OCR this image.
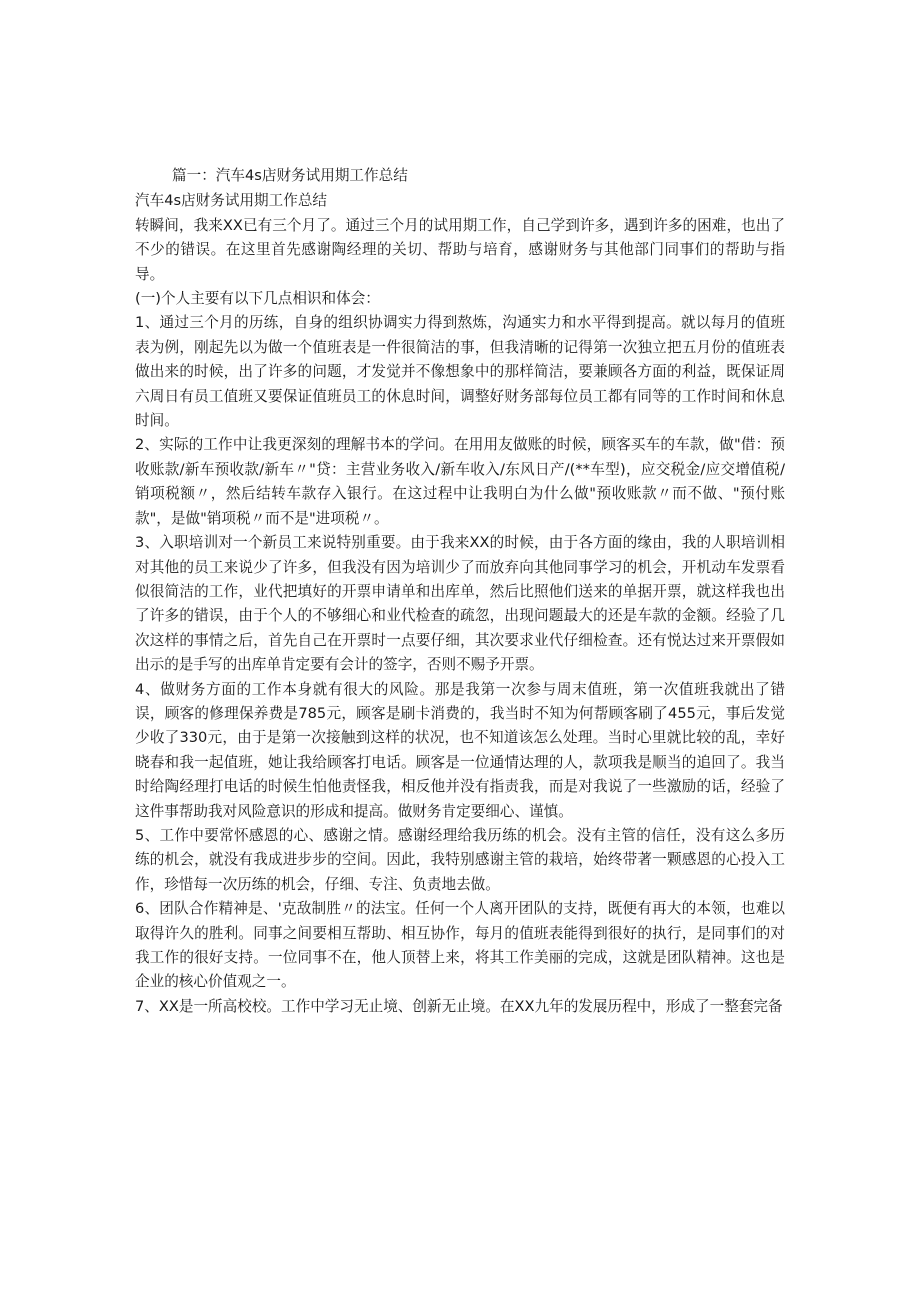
篇一：汽车4s店财务试用期工作总结

汽车4s店财务试用期工作总结

转瞬间，我来XX已有三个月了。通过三个月的试用期工作，自己学到许多，遇到许多的困难，也出了不少的错误。在这里首先感谢陶经理的关切、帮助与培育，感谢财务与其他部门同事们的帮助与指导。

(一)个人主要有以下几点相识和体会：

1、通过三个月的历练，自身的组织协调实力得到熬炼，沟通实力和水平得到提高。就以每月的值班表为例，刚起先以为做一个值班表是一件很简洁的事，但我清晰的记得第一次独立把五月份的值班表做出来的时候，出了许多的问题，才发觉并不像想象中的那样简洁，要兼顾各方面的利益，既保证周六周日有员工值班又要保证值班员工的休息时间，调整好财务部每位员工都有同等的工作时间和休息时间。

2、实际的工作中让我更深刻的理解书本的学问。在用用友做账的时候，顾客买车的车款，做"借：预收账款/新车预收款/新车〃"贷：主营业务收入/新车收入/东风日产/(**车型)，应交税金/应交增值税/销项税额〃，然后结转车款存入银行。在这过程中让我明白为什么做"预收账款〃而不做、"预付账款"，是做"销项税〃而不是"进项税〃。

3、入职培训对一个新员工来说特别重要。由于我来XX的时候，由于各方面的缘由，我的人职培训相对其他的员工来说少了许多，但我没有因为培训少了而放弃向其他同事学习的机会，开机动车发票看似很简洁的工作，业代把填好的开票申请单和出库单，然后比照他们送来的单据开票，就这样我也出了许多的错误，由于个人的不够细心和业代检查的疏忽，出现问题最大的还是车款的金额。经验了几次这样的事情之后，首先自己在开票时一点要仔细，其次要求业代仔细检查。还有悦达过来开票假如出示的是手写的出库单肯定要有会计的签字，否则不赐予开票。

4、做财务方面的工作本身就有很大的风险。那是我第一次参与周末值班，第一次值班我就出了错误，顾客的修理保养费是785元，顾客是刷卡消费的，我当时不知为何帮顾客刷了455元，事后发觉少收了330元，由于是第一次接触到这样的状况，也不知道该怎么处理。当时心里就比较的乱，幸好晓春和我一起值班，她让我给顾客打电话。顾客是一位通情达理的人，款项我是顺当的追回了。我当时给陶经理打电话的时候生怕他责怪我，相反他并没有指责我，而是对我说了一些激励的话，经验了这件事帮助我对风险意识的形成和提高。做财务肯定要细心、谨慎。

5、工作中要常怀感恩的心、感谢之情。感谢经理给我历练的机会。没有主管的信任，没有这么多历练的机会，就没有我成进步步的空间。因此，我特别感谢主管的栽培，始终带著一颗感恩的心投入工作，珍惜每一次历练的机会，仔细、专注、负责地去做。

6、团队合作精神是、'克敌制胜〃的法宝。任何一个人离开团队的支持，既便有再大的本领，也难以取得许久的胜利。同事之间要相互帮助、相互协作，每月的值班表能得到很好的执行，是同事们的对我工作的很好支持。一位同事不在，他人顶替上来，将其工作美丽的完成，这就是团队精神。这也是企业的核心价值观之一。

7、XX是一所高校校。工作中学习无止境、创新无止境。在XX九年的发展历程中，形成了一整套完备
